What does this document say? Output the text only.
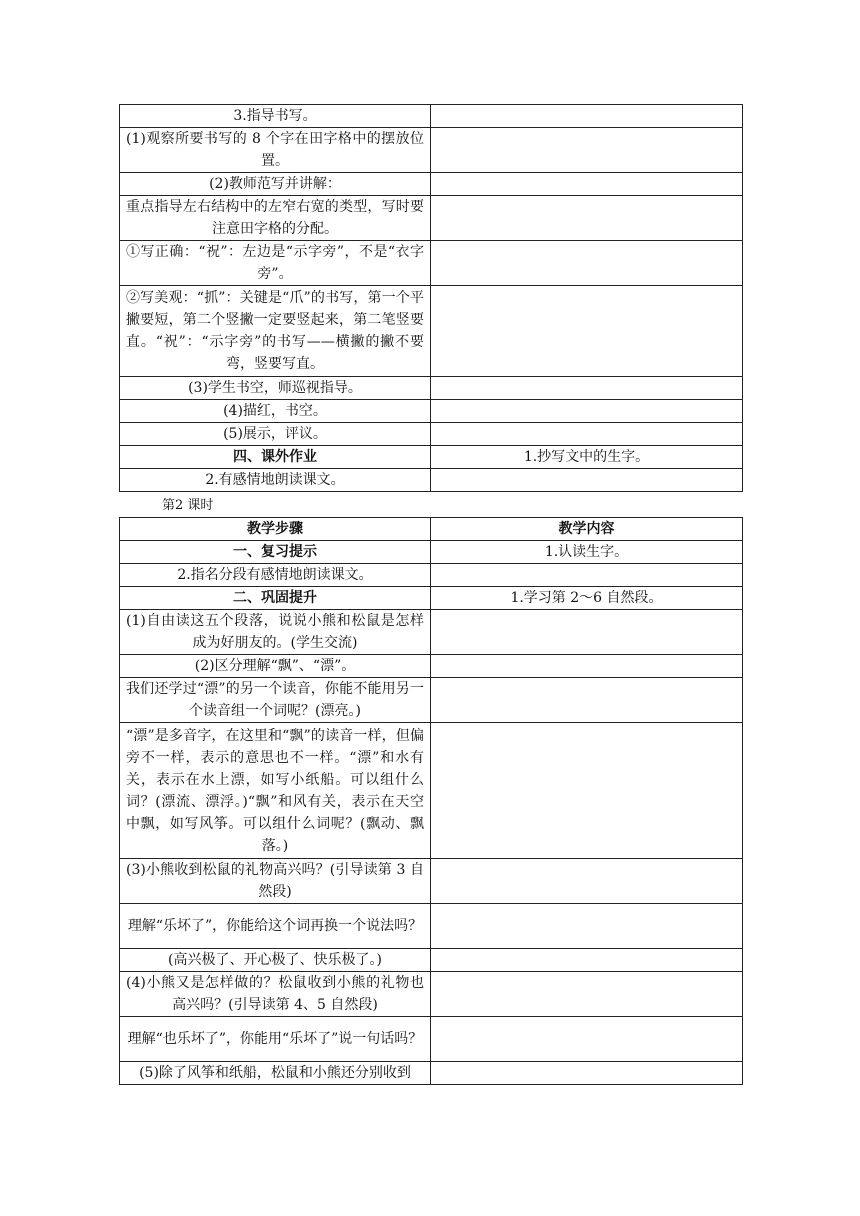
3.指导书写。	
(1)观察所要书写的 8 个字在田字格中的摆放位置。	
(2)教师范写并讲解：	
重点指导左右结构中的左窄右宽的类型，写时要注意田字格的分配。	
①写正确：“祝”：左边是“示字旁”，不是“衣字旁”。	
②写美观：“抓”：关键是“爪”的书写，第一个平撇要短，第二个竖撇一定要竖起来，第二笔竖要直。“祝”：“示字旁”的书写——横撇的撇不要弯，竖要写直。	
(3)学生书空，师巡视指导。	
(4)描红，书空。	
(5)展示，评议。	
四、课外作业	1.抄写文中的生字。
2.有感情地朗读课文。	
第2 课时
教学步骤	教学内容
一、复习提示	1.认读生字。
2.指名分段有感情地朗读课文。	
二、巩固提升	1.学习第 2～6 自然段。
(1)自由读这五个段落，说说小熊和松鼠是怎样成为好朋友的。(学生交流)	
(2)区分理解“飘”、“漂”。	
我们还学过“漂”的另一个读音，你能不能用另一个读音组一个词呢？(漂亮。)	
“漂”是多音字，在这里和“飘”的读音一样，但偏旁不一样，表示的意思也不一样。“漂”和水有关，表示在水上漂，如写小纸船。可以组什么词？(漂流、漂浮。)“飘”和风有关，表示在天空中飘，如写风筝。可以组什么词呢？(飘动、飘落。)	
(3)小熊收到松鼠的礼物高兴吗？(引导读第 3 自然段)	
理解“乐坏了”，你能给这个词再换一个说法吗？	
(高兴极了、开心极了、快乐极了。)	
(4)小熊又是怎样做的？松鼠收到小熊的礼物也高兴吗？(引导读第 4、5 自然段)	
理解“也乐坏了”，你能用“乐坏了”说一句话吗？	
(5)除了风筝和纸船，松鼠和小熊还分别收到	
